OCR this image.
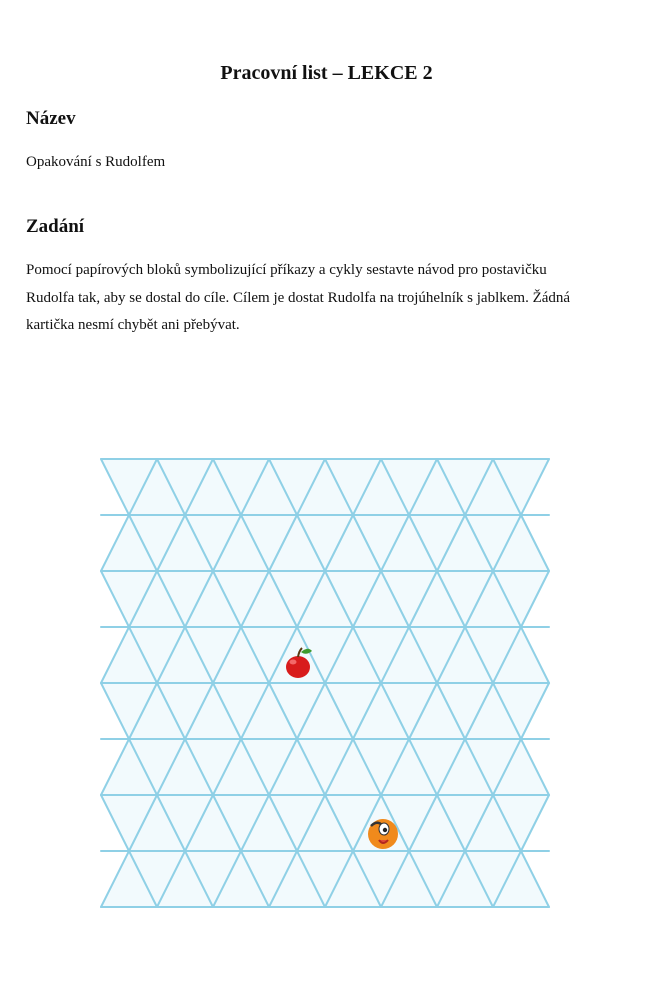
Pracovní list – LEKCE 2
Název
Opakování s Rudolfem
Zadání
Pomocí papírových bloků symbolizující příkazy a cykly sestavte návod pro postavičku
Rudolfa tak, aby se dostal do cíle. Cílem je dostat Rudolfa na trojúhelník s jablkem. Žádná
kartička nesmí chybět ani přebývat.
